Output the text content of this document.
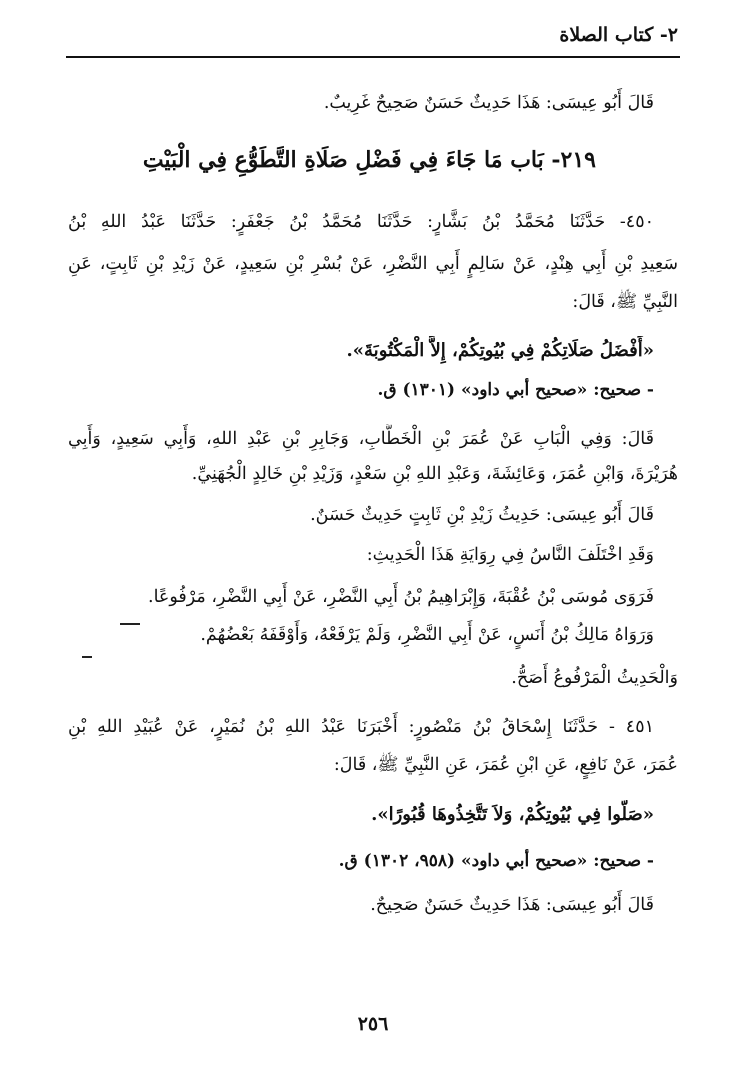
٢- كتاب الصلاة
قَالَ أَبُو عِيسَى: هَذَا حَدِيثٌ حَسَنٌ صَحِيحٌ غَرِيبٌ.
٢١٩- بَاب مَا جَاءَ فِي فَضْلِ صَلَاةِ التَّطَوُّعِ فِي الْبَيْتِ
٤٥٠- حَدَّثَنَا مُحَمَّدُ بْنُ بَشَّارٍ: حَدَّثَنَا مُحَمَّدُ بْنُ جَعْفَرٍ: حَدَّثَنَا عَبْدُ اللهِ بْنُ
سَعِيدِ بْنِ أَبِي هِنْدٍ، عَنْ سَالِمٍ أَبِي النَّضْرِ، عَنْ بُسْرِ بْنِ سَعِيدٍ، عَنْ زَيْدِ بْنِ ثَابِتٍ، عَنِ
النَّبِيِّ ﷺ، قَالَ:
«أَفْضَلُ صَلَاتِكُمْ فِي بُيُوتِكُمْ، إِلاَّ الْمَكْتُوبَةَ».
- صحيح: «صحيح أبي داود» (١٣٠١) ق.
قَالَ: وَفِي الْبَابِ عَنْ عُمَرَ بْنِ الْخَطَّابِ، وَجَابِرِ بْنِ عَبْدِ اللهِ، وَأَبِي سَعِيدٍ، وَأَبِي
هُرَيْرَةَ، وَابْنِ عُمَرَ، وَعَائِشَةَ، وَعَبْدِ اللهِ بْنِ سَعْدٍ، وَزَيْدِ بْنِ خَالِدٍ الْجُهَنِيِّ.
قَالَ أَبُو عِيسَى: حَدِيثُ زَيْدِ بْنِ ثَابِتٍ حَدِيثٌ حَسَنٌ.
وَقَدِ اخْتَلَفَ النَّاسُ فِي رِوَايَةِ هَذَا الْحَدِيثِ:
فَرَوَى مُوسَى بْنُ عُقْبَةَ، وَإِبْرَاهِيمُ بْنُ أَبِي النَّضْرِ، عَنْ أَبِي النَّضْرِ، مَرْفُوعًا.
وَرَوَاهُ مَالِكُ بْنُ أَنَسٍ، عَنْ أَبِي النَّضْرِ، وَلَمْ يَرْفَعْهُ، وَأَوْقَفَهُ بَعْضُهُمْ.
وَالْحَدِيثُ الْمَرْفُوعُ أَصَحُّ.
٤٥١ - حَدَّثَنَا إِسْحَاقُ بْنُ مَنْصُورٍ: أَخْبَرَنَا عَبْدُ اللهِ بْنُ نُمَيْرٍ، عَنْ عُبَيْدِ اللهِ بْنِ
عُمَرَ، عَنْ نَافِعٍ، عَنِ ابْنِ عُمَرَ، عَنِ النَّبِيِّ ﷺ، قَالَ:
«صَلُّوا فِي بُيُوتِكُمْ، وَلاَ تَتَّخِذُوهَا قُبُورًا».
- صحيح: «صحيح أبي داود» (٩٥٨، ١٣٠٢) ق.
قَالَ أَبُو عِيسَى: هَذَا حَدِيثٌ حَسَنٌ صَحِيحٌ.
٢٥٦
